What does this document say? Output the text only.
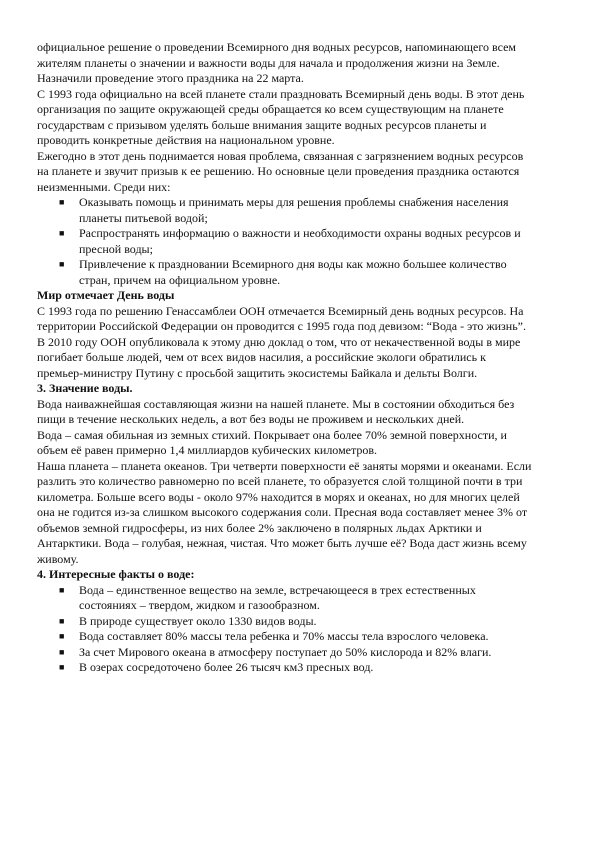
официальное решение о проведении Всемирного дня водных ресурсов, напоминающего всем жителям планеты о значении и важности воды для начала и продолжения жизни на Земле. Назначили проведение этого праздника на 22 марта.

С 1993 года официально на всей планете стали праздновать Всемирный день воды. В этот день организация по защите окружающей среды обращается ко всем существующим на планете государствам с призывом уделять больше внимания защите водных ресурсов планеты и проводить конкретные действия на национальном уровне.

Ежегодно в этот день поднимается новая проблема, связанная с загрязнением водных ресурсов на планете и звучит призыв к ее решению. Но основные цели проведения праздника остаются неизменными. Среди них:

■ Оказывать помощь и принимать меры для решения проблемы снабжения населения планеты питьевой водой;
■ Распространять информацию о важности и необходимости охраны водных ресурсов и пресной воды;
■ Привлечение к праздновании Всемирного дня воды как можно большее количество стран, причем на официальном уровне.

Мир отмечает День воды

С 1993 года по решению Генассамблеи ООН отмечается Всемирный день водных ресурсов. На территории Российской Федерации он проводится с 1995 года под девизом: “Вода - это жизнь”. В 2010 году ООН опубликовала к этому дню доклад о том, что от некачественной воды в мире погибает больше людей, чем от всех видов насилия, а российские экологи обратились к премьер-министру Путину с просьбой защитить экосистемы Байкала и дельты Волги.

3. Значение воды.

Вода наиважнейшая составляющая жизни на нашей планете. Мы в состоянии обходиться без пищи в течение нескольких недель, а вот без воды не проживем и нескольких дней.

Вода – самая обильная из земных стихий. Покрывает она более 70% земной поверхности, и объем её равен примерно 1,4 миллиардов кубических километров.

Наша планета – планета океанов. Три четверти поверхности её заняты морями и океанами. Если разлить это количество равномерно по всей планете, то образуется слой толщиной почти в три километра. Больше всего воды - около 97% находится в морях и океанах, но для многих целей она не годится из-за слишком высокого содержания соли. Пресная вода составляет менее 3% от объемов земной гидросферы, из них более 2% заключено в полярных льдах Арктики и Антарктики. Вода – голубая, нежная, чистая. Что может быть лучше её? Вода даст жизнь всему живому.

4. Интересные факты о воде:

■ Вода – единственное вещество на земле, встречающееся в трех естественных состояниях – твердом, жидком и газообразном.
■ В природе существует около 1330 видов воды.
■ Вода составляет 80% массы тела ребенка и 70% массы тела взрослого человека.
■ За счет Мирового океана в атмосферу поступает до 50% кислорода и 82% влаги.
■ В озерах сосредоточено более 26 тысяч км3 пресных вод.
